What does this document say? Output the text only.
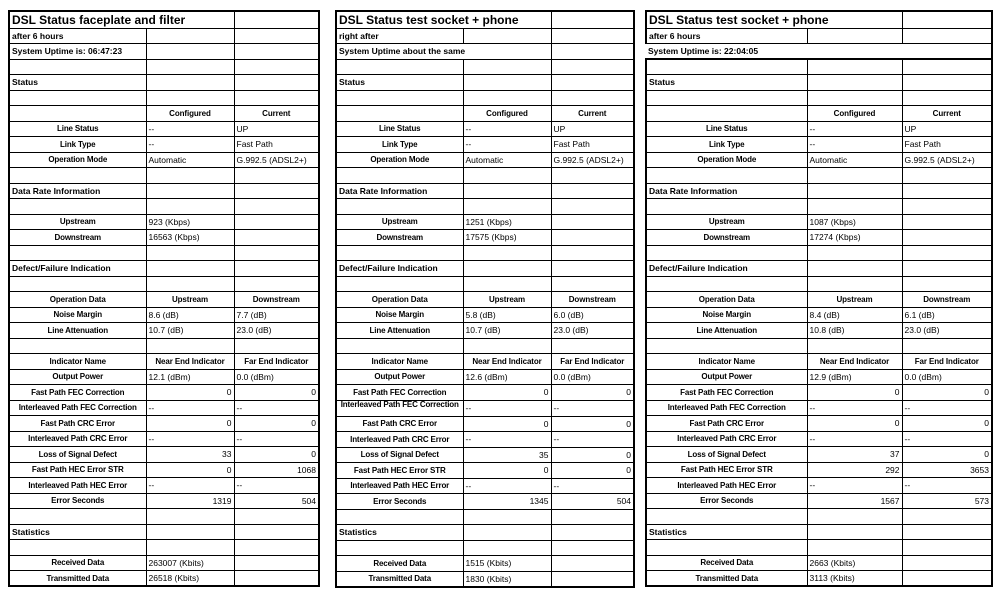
DSL Status faceplate and filter		
after 6 hours		
System Uptime is: 06:47:23		

Status		

	Configured	Current
Line Status	--	UP
Link Type	--	Fast Path
Operation Mode	Automatic	G.992.5 (ADSL2+)

Data Rate Information		

Upstream	923 (Kbps)	
Downstream	16563 (Kbps)	

Defect/Failure Indication		

Operation Data	Upstream	Downstream
Noise Margin	8.6 (dB)	7.7 (dB)
Line Attenuation	10.7 (dB)	23.0 (dB)

Indicator Name	Near End Indicator	Far End Indicator
Output Power	12.1 (dBm)	0.0 (dBm)
Fast Path FEC Correction	0	0
Interleaved Path FEC Correction	--	--
Fast Path CRC Error	0	0
Interleaved Path CRC Error	--	--
Loss of Signal Defect	33	0
Fast Path HEC Error STR	0	1068
Interleaved Path HEC Error	--	--
Error Seconds	1319	504

Statistics		

Received Data	263007 (Kbits)	
Transmitted Data	26518 (Kbits)	
DSL Status test socket + phone		
right after		
System Uptime about the same		

Status		

	Configured	Current
Line Status	--	UP
Link Type	--	Fast Path
Operation Mode	Automatic	G.992.5 (ADSL2+)

Data Rate Information		

Upstream	1251 (Kbps)	
Downstream	17575 (Kbps)	

Defect/Failure Indication		

Operation Data	Upstream	Downstream
Noise Margin	5.8 (dB)	6.0 (dB)
Line Attenuation	10.7 (dB)	23.0 (dB)

Indicator Name	Near End Indicator	Far End Indicator
Output Power	12.6 (dBm)	0.0 (dBm)
Fast Path FEC Correction	0	0

Interleaved Path FEC Correction	--	--
Fast Path CRC Error	0	0
Interleaved Path CRC Error	--	--
Loss of Signal Defect	35	0
Fast Path HEC Error STR	0	0
Interleaved Path HEC Error	--	--
Error Seconds	1345	504

Statistics		

Received Data	1515 (Kbits)	
Transmitted Data	1830 (Kbits)	
DSL Status test socket + phone		
after 6 hours		
System Uptime is: 22:04:05		

Status		

	Configured	Current
Line Status	--	UP
Link Type	--	Fast Path
Operation Mode	Automatic	G.992.5 (ADSL2+)

Data Rate Information		

Upstream	1087 (Kbps)	
Downstream	17274 (Kbps)	

Defect/Failure Indication		

Operation Data	Upstream	Downstream
Noise Margin	8.4 (dB)	6.1 (dB)
Line Attenuation	10.8 (dB)	23.0 (dB)

Indicator Name	Near End Indicator	Far End Indicator
Output Power	12.9 (dBm)	0.0 (dBm)
Fast Path FEC Correction	0	0
Interleaved Path FEC Correction	--	--
Fast Path CRC Error	0	0
Interleaved Path CRC Error	--	--
Loss of Signal Defect	37	0
Fast Path HEC Error STR	292	3653
Interleaved Path HEC Error	--	--
Error Seconds	1567	573

Statistics		

Received Data	2663 (Kbits)	
Transmitted Data	3113 (Kbits)	
